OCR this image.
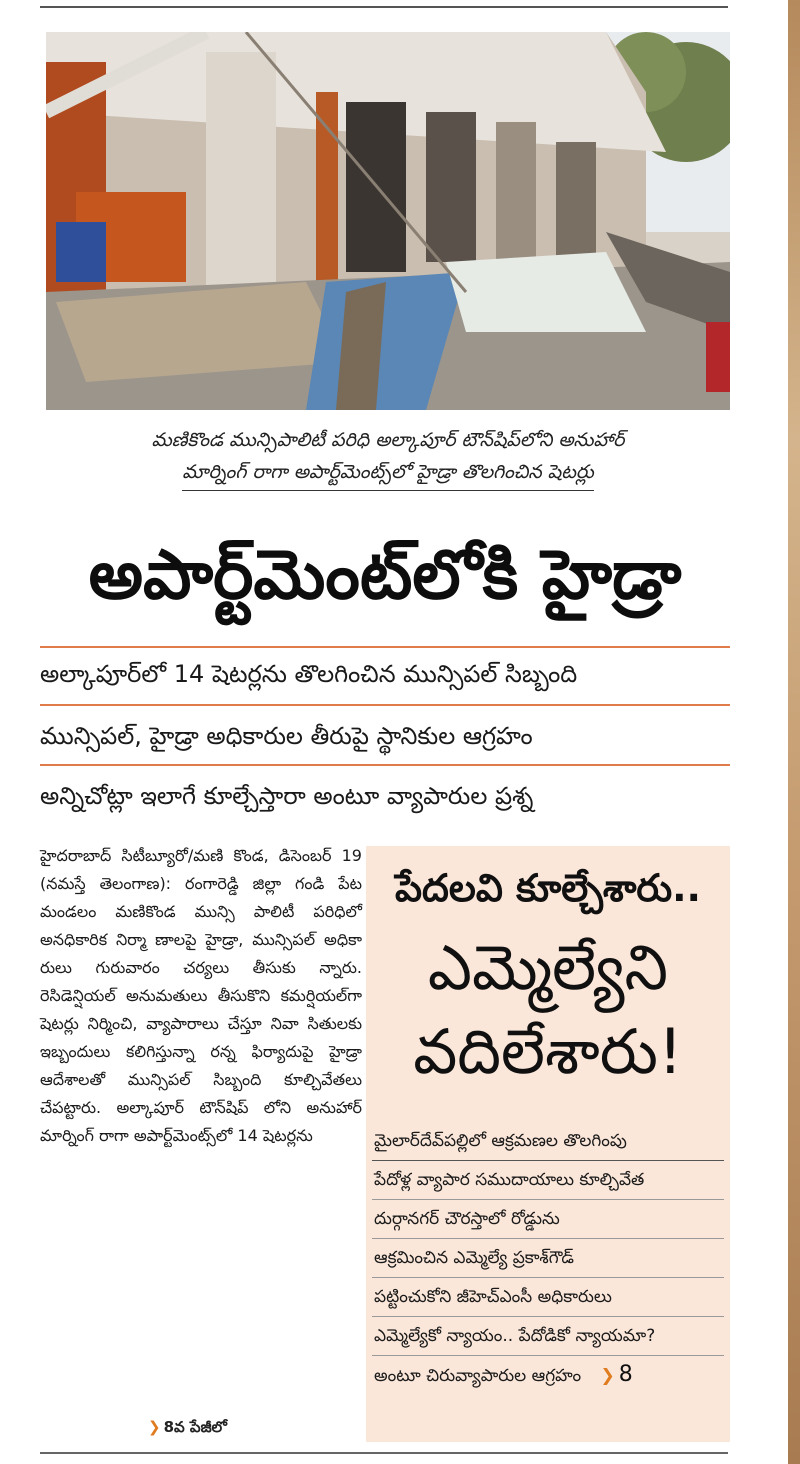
మణికొండ మున్సిపాలిటీ పరిధి అల్కాపూర్ టౌన్‌షిప్‌లోని అనుహార్
మార్నింగ్ రాగా అపార్ట్‌మెంట్స్‌లో హైడ్రా తొలగించిన షెటర్లు
అపార్ట్‌మెంట్‌లోకి హైడ్రా
అల్కాపూర్‌లో 14 షెటర్లను తొలగించిన మున్సిపల్ సిబ్బంది
మున్సిపల్, హైడ్రా అధికారుల తీరుపై స్థానికుల ఆగ్రహం
అన్నిచోట్లా ఇలాగే కూల్చేస్తారా అంటూ వ్యాపారుల ప్రశ్న

హైదరాబాద్ సిటీబ్యూరో/మణి కొండ, డిసెంబర్ 19 (నమస్తే తెలంగాణ): రంగారెడ్డి జిల్లా గండి పేట మండలం మణికొండ మున్సి పాలిటీ పరిధిలో అనధికారిక నిర్మా ణాలపై హైడ్రా, మున్సిపల్ అధికా రులు గురువారం చర్యలు తీసుకు న్నారు. రెసిడెన్షియల్ అనుమతులు తీసుకొని కమర్షియల్‌గా షెటర్లు నిర్మించి, వ్యాపారాలు చేస్తూ నివా సితులకు ఇబ్బందులు కలిగిస్తున్నా రన్న ఫిర్యాదుపై హైడ్రా ఆదేశాలతో మున్సిపల్ సిబ్బంది కూల్చివేతలు చేపట్టారు. అల్కాపూర్ టౌన్‌షిప్ లోని అనుహార్ మార్నింగ్ రాగా అపార్ట్‌మెంట్స్‌లో 14 షెటర్లను

❯ 8వ పేజీలో
పేదలవి కూల్చేశారు..
ఎమ్మెల్యేని
వదిలేశారు!
మైలార్‌దేవ్‌పల్లిలో ఆక్రమణల తొలగింపు
పేదోళ్ల వ్యాపార సముదాయాలు కూల్చివేత
దుర్గానగర్ చౌరస్తాలో రోడ్డును
ఆక్రమించిన ఎమ్మెల్యే ప్రకాశ్‌గౌడ్
పట్టించుకోని జీహెచ్‌ఎంసీ అధికారులు
ఎమ్మెల్యేకో న్యాయం.. పేదోడికో న్యాయమా?
అంటూ చిరువ్యాపారుల ఆగ్రహం ❯ 8
